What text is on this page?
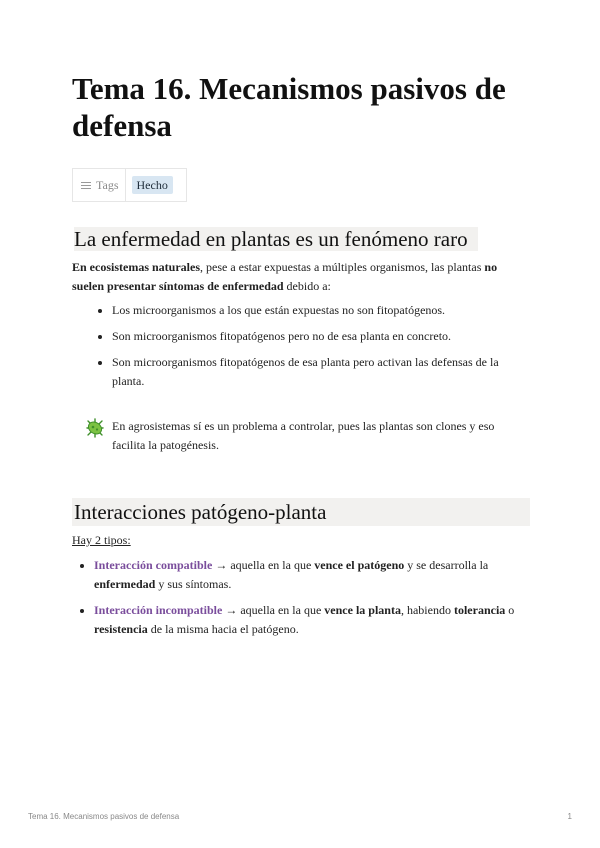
Tema 16. Mecanismos pasivos de defensa
Tags	Hecho
La enfermedad en plantas es un fenómeno raro

En ecosistemas naturales, pese a estar expuestas a múltiples organismos, las plantas no suelen presentar síntomas de enfermedad debido a:

• Los microorganismos a los que están expuestas no son fitopatógenos.
• Son microorganismos fitopatógenos pero no de esa planta en concreto.
• Son microorganismos fitopatógenos de esa planta pero activan las defensas de la planta.
En agrosistemas sí es un problema a controlar, pues las plantas son clones y eso facilita la patogénesis.
Interacciones patógeno-planta

Hay 2 tipos:

• Interacción compatible → aquella en la que vence el patógeno y se desarrolla la enfermedad y sus síntomas.
• Interacción incompatible → aquella en la que vence la planta, habiendo tolerancia o resistencia de la misma hacia el patógeno.
Tema 16. Mecanismos pasivos de defensa	1
